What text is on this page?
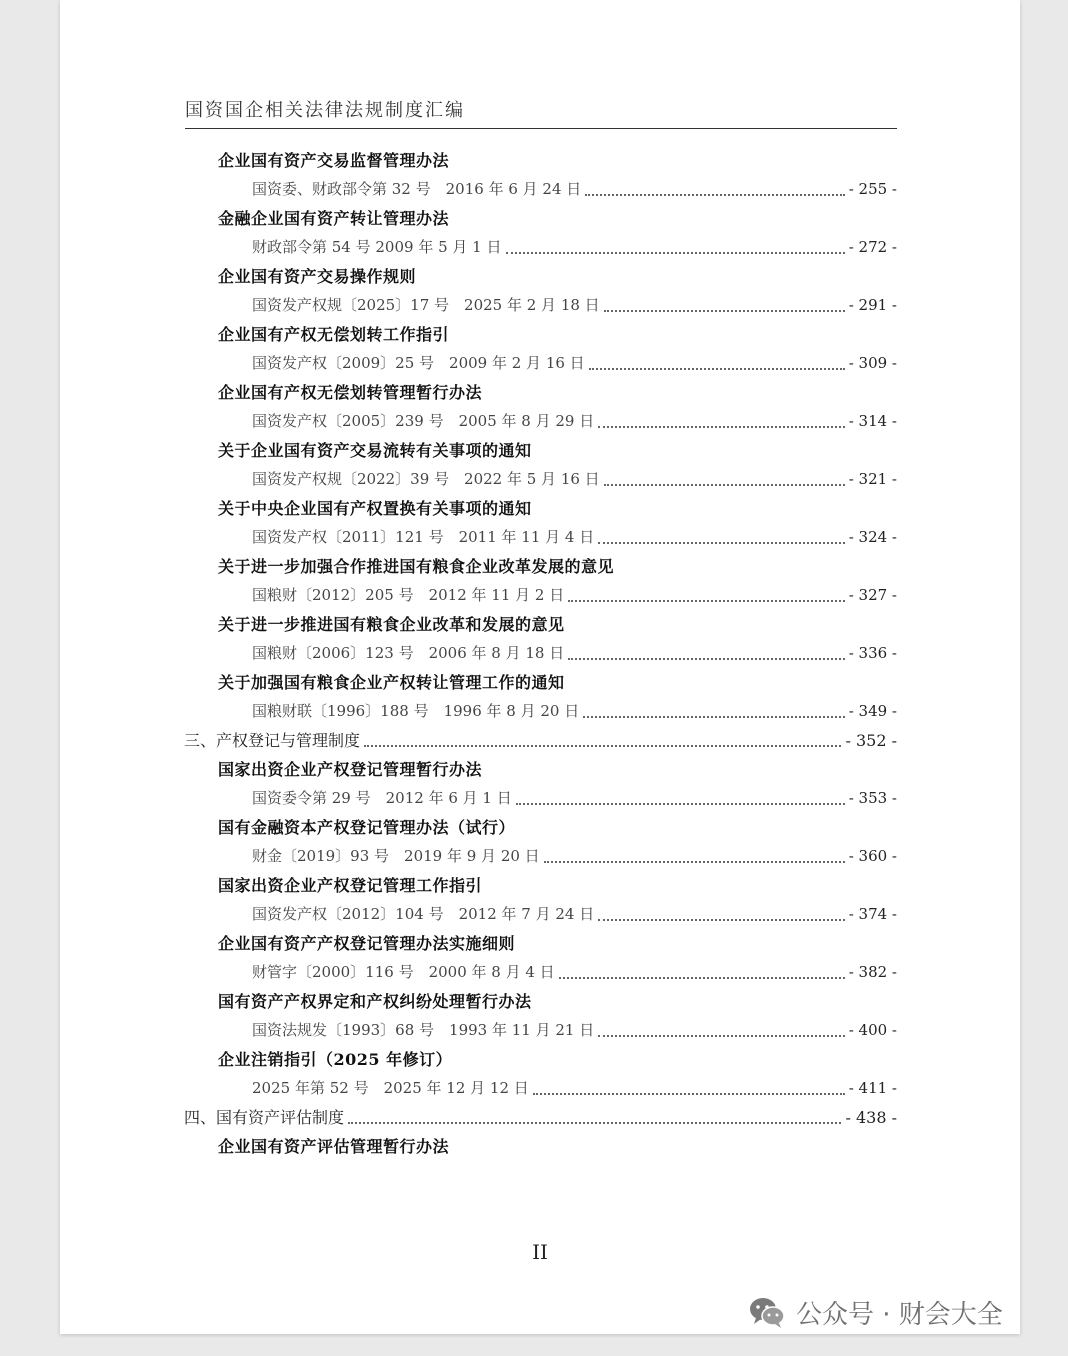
国资国企相关法律法规制度汇编
企业国有资产交易监督管理办法
国资委、财政部令第 32 号　2016 年 6 月 24 日	- 255 -
金融企业国有资产转让管理办法
财政部令第 54 号 2009 年 5 月 1 日	- 272 -
企业国有资产交易操作规则
国资发产权规〔2025〕17 号　2025 年 2 月 18 日	- 291 -
企业国有产权无偿划转工作指引
国资发产权〔2009〕25 号　2009 年 2 月 16 日	- 309 -
企业国有产权无偿划转管理暂行办法
国资发产权〔2005〕239 号　2005 年 8 月 29 日	- 314 -
关于企业国有资产交易流转有关事项的通知
国资发产权规〔2022〕39 号　2022 年 5 月 16 日	- 321 -
关于中央企业国有产权置换有关事项的通知
国资发产权〔2011〕121 号　2011 年 11 月 4 日	- 324 -
关于进一步加强合作推进国有粮食企业改革发展的意见
国粮财〔2012〕205 号　2012 年 11 月 2 日	- 327 -
关于进一步推进国有粮食企业改革和发展的意见
国粮财〔2006〕123 号　2006 年 8 月 18 日	- 336 -
关于加强国有粮食企业产权转让管理工作的通知
国粮财联〔1996〕188 号　1996 年 8 月 20 日	- 349 -
三、产权登记与管理制度	- 352 -
国家出资企业产权登记管理暂行办法
国资委令第 29 号　2012 年 6 月 1 日	- 353 -
国有金融资本产权登记管理办法（试行）
财金〔2019〕93 号　2019 年 9 月 20 日	- 360 -
国家出资企业产权登记管理工作指引
国资发产权〔2012〕104 号　2012 年 7 月 24 日	- 374 -
企业国有资产产权登记管理办法实施细则
财管字〔2000〕116 号　2000 年 8 月 4 日	- 382 -
国有资产产权界定和产权纠纷处理暂行办法
国资法规发〔1993〕68 号　1993 年 11 月 21 日	- 400 -
企业注销指引（2025 年修订）
2025 年第 52 号　2025 年 12 月 12 日	- 411 -
四、国有资产评估制度	- 438 -
企业国有资产评估管理暂行办法
II
公众号 · 财会大全
